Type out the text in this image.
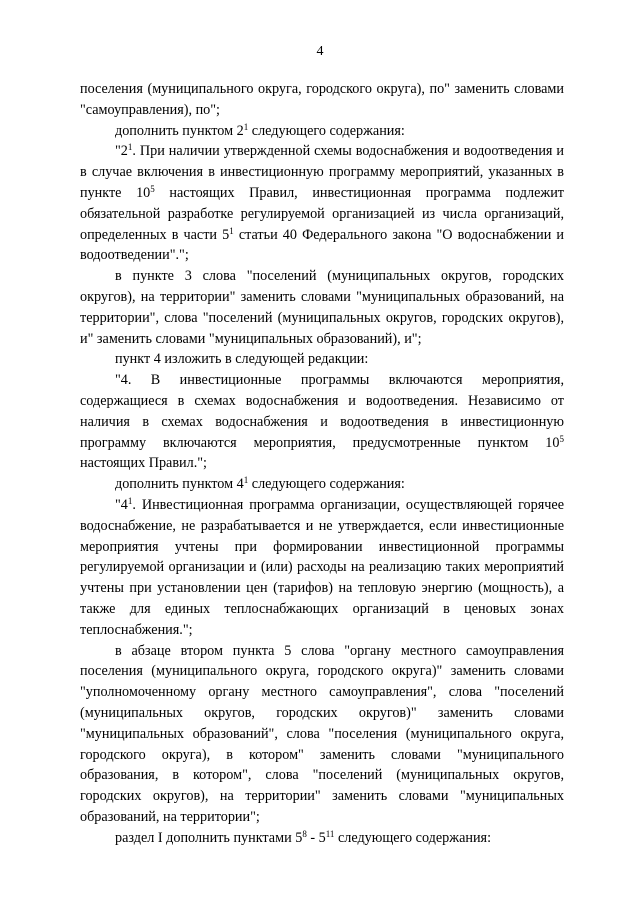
4

поселения (муниципального округа, городского округа), по" заменить словами "самоуправления), по";

дополнить пунктом $2^1$ следующего содержания:

"$2^1$. При наличии утвержденной схемы водоснабжения и водоотведения и в случае включения в инвестиционную программу мероприятий, указанных в пункте $10^5$ настоящих Правил, инвестиционная программа подлежит обязательной разработке регулируемой организацией из числа организаций, определенных в части $5^1$ статьи 40 Федерального закона "О водоснабжении и водоотведении".";

в пункте 3 слова "поселений (муниципальных округов, городских округов), на территории" заменить словами "муниципальных образований, на территории", слова "поселений (муниципальных округов, городских округов), и" заменить словами "муниципальных образований), и";

пункт 4 изложить в следующей редакции:

"4. В инвестиционные программы включаются мероприятия, содержащиеся в схемах водоснабжения и водоотведения. Независимо от наличия в схемах водоснабжения и водоотведения в инвестиционную программу включаются мероприятия, предусмотренные пунктом $10^5$ настоящих Правил.";

дополнить пунктом $4^1$ следующего содержания:

"$4^1$. Инвестиционная программа организации, осуществляющей горячее водоснабжение, не разрабатывается и не утверждается, если инвестиционные мероприятия учтены при формировании инвестиционной программы регулируемой организации и (или) расходы на реализацию таких мероприятий учтены при установлении цен (тарифов) на тепловую энергию (мощность), а также для единых теплоснабжающих организаций в ценовых зонах теплоснабжения.";

в абзаце втором пункта 5 слова "органу местного самоуправления поселения (муниципального округа, городского округа)" заменить словами "уполномоченному органу местного самоуправления", слова "поселений (муниципальных округов, городских округов)" заменить словами "муниципальных образований", слова "поселения (муниципального округа, городского округа), в котором" заменить словами "муниципального образования, в котором", слова "поселений (муниципальных округов, городских округов), на территории" заменить словами "муниципальных образований, на территории";

раздел I дополнить пунктами $5^8 - 5^{11}$ следующего содержания:
